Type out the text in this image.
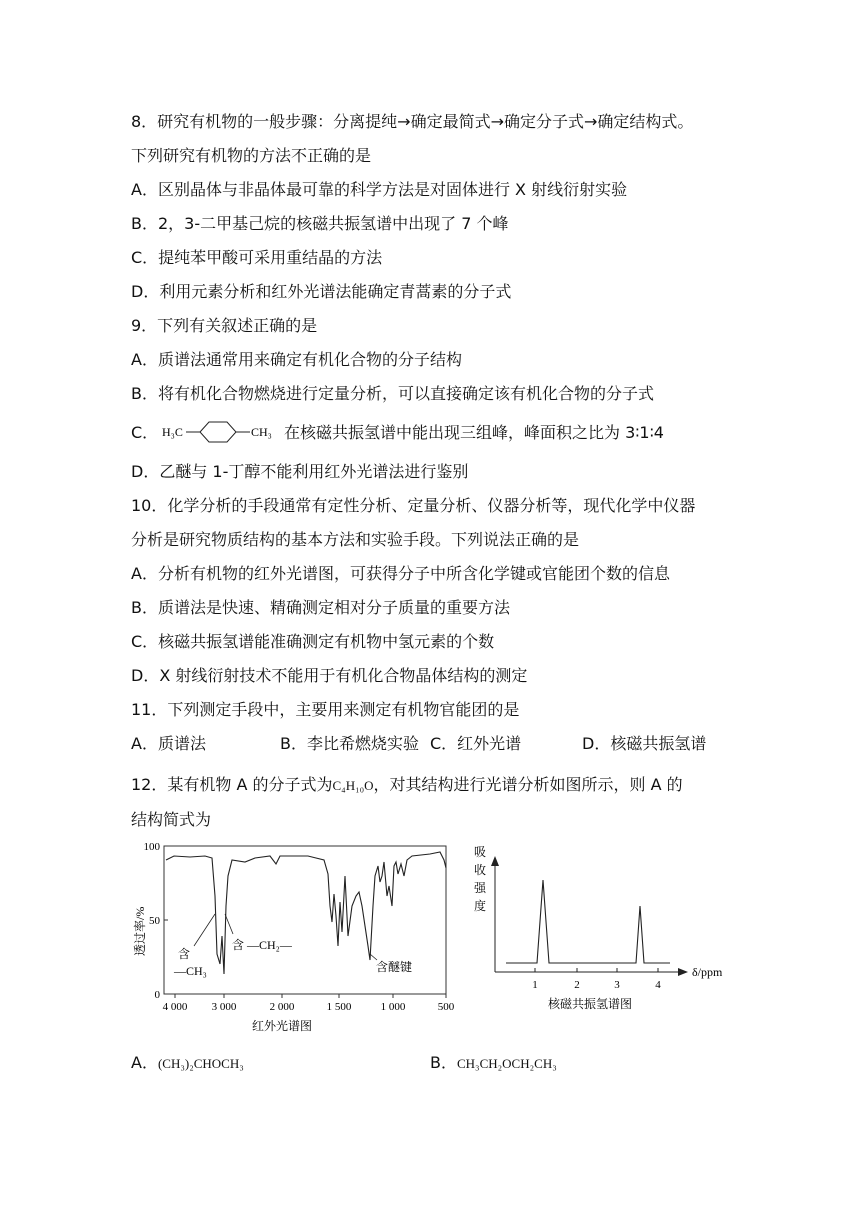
8．研究有机物的一般步骤：分离提纯→确定最简式→确定分子式→确定结构式。
下列研究有机物的方法不正确的是
A．区别晶体与非晶体最可靠的科学方法是对固体进行 X 射线衍射实验
B．2，3-二甲基己烷的核磁共振氢谱中出现了 7 个峰
C．提纯苯甲酸可采用重结晶的方法
D．利用元素分析和红外光谱法能确定青蒿素的分子式
9．下列有关叙述正确的是
A．质谱法通常用来确定有机化合物的分子结构
B．将有机化合物燃烧进行定量分析，可以直接确定该有机化合物的分子式
C． H₃C	CH₃ 在核磁共振氢谱中能出现三组峰，峰面积之比为 3∶1∶4
D．乙醚与 1-丁醇不能利用红外光谱法进行鉴别
10．化学分析的手段通常有定性分析、定量分析、仪器分析等，现代化学中仪器
分析是研究物质结构的基本方法和实验手段。下列说法正确的是
A．分析有机物的红外光谱图，可获得分子中所含化学键或官能团个数的信息
B．质谱法是快速、精确测定相对分子质量的重要方法
C．核磁共振氢谱能准确测定有机物中氢元素的个数
D．X 射线衍射技术不能用于有机化合物晶体结构的测定
11．下列测定手段中，主要用来测定有机物官能团的是
A．质谱法	B．李比希燃烧实验 C．红外光谱	D．核磁共振氢谱
12．某有机物 A 的分子式为C₄H₁₀O，对其结构进行光谱分析如图所示，则 A 的
结构简式为
100
50
0
透过率/%
4 000 3 000	2 000	1 500	1 000	500
红外光谱图
含
—CH₃
含 —CH₂—
含醚键
吸
收
强
度
1	2	3	4
δ/ppm
核磁共振氢谱图
A．(CH₃)₂CHOCH₃	B．CH₃CH₂OCH₂CH₃
